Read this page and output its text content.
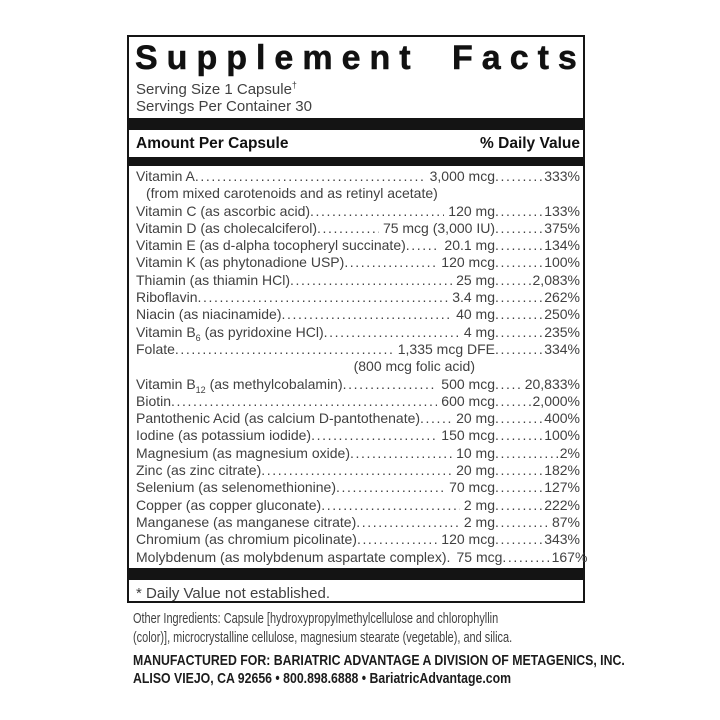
Supplement Facts
Serving Size 1 Capsule†
Servings Per Container 30
Amount Per Capsule	% Daily Value
Vitamin A .....	3,000 mcg .....	333%
(from mixed carotenoids and as retinyl acetate)
Vitamin C (as ascorbic acid) .....	120 mg .....	133%
Vitamin D (as cholecalciferol) .....	75 mcg (3,000 IU) .....	375%
Vitamin E (as d-alpha tocopheryl succinate) .....	20.1 mg .....	134%
Vitamin K (as phytonadione USP) .....	120 mcg .....	100%
Thiamin (as thiamin HCl) .....	25 mg .....	2,083%
Riboflavin .....	3.4 mg .....	262%
Niacin (as niacinamide) .....	40 mg .....	250%
Vitamin $B_6$ (as pyridoxine HCl) .....	4 mg .....	235%
Folate .....	1,335 mcg DFE .....	334%
(800 mcg folic acid)
Vitamin $B_{12}$ (as methylcobalamin) .....	500 mcg ..... 20,833%
Biotin .....	600 mcg .....	2,000%
Pantothenic Acid (as calcium D-pantothenate) .....	20 mg .....	400%
Iodine (as potassium iodide) .....	150 mcg .....	100%
Magnesium (as magnesium oxide) .....	10 mg .....	2%
Zinc (as zinc citrate) .....	20 mg .....	182%
Selenium (as selenomethionine) .....	70 mcg .....	127%
Copper (as copper gluconate) .....	2 mg .....	222%
Manganese (as manganese citrate) .....	2 mg .....	87%
Chromium (as chromium picolinate) .....	120 mcg .....	343%
Molybdenum (as molybdenum aspartate complex) ..... 75 mcg .....	167%
* Daily Value not established.
Other Ingredients: Capsule [hydroxypropylmethylcellulose and chlorophyllin (color)], microcrystalline cellulose, magnesium stearate (vegetable), and silica.
MANUFACTURED FOR: BARIATRIC ADVANTAGE A DIVISION OF METAGENICS, INC.
ALISO VIEJO, CA 92656 • 800.898.6888 • BariatricAdvantage.com
